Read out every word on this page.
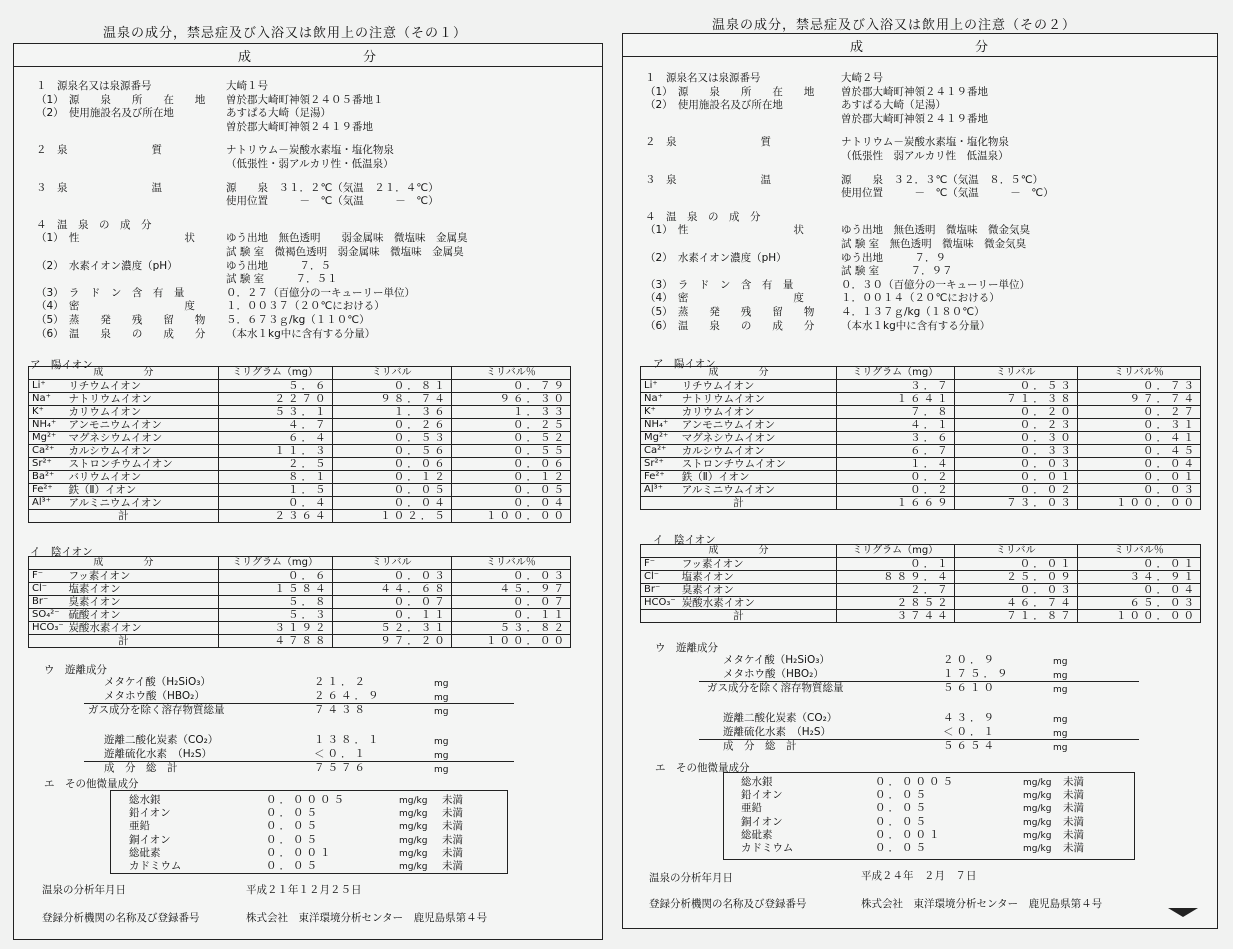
温泉の成分，禁忌症及び入浴又は飲用上の注意（その１）
成	分
１　源泉名又は泉源番号	大崎１号
（1）　源　　泉　　所　　在　　地 曽於郡大崎町神領２４０５番地１
（2）　使用施設名及び所在地	あすぱる大崎（足湯）
曽於郡大崎町神領２４１９番地
２　泉　　　　　　　　質	ナトリウム－炭酸水素塩・塩化物泉
（低張性・弱アルカリ性・低温泉）
３　泉　　　　　　　　温	源　　泉　３１．２℃（気温　２１．４℃）
使用位置　　　－　℃（気温　　　－　℃）
４　温　泉　の　成　分
（1）　性　　　　　　　　　　状	ゆう出地　無色透明　　弱金属味　微塩味　金属臭
試 験 室　微褐色透明　弱金属味　微塩味　金属臭
（2）　水素イオン濃度（pH）	ゆう出地　　　７．５
試 験 室　　　７．５１
（3）　ラ　ド　ン　含　有　量	０．２７（百億分の一キューリー単位）
（4）　密　　　　　　　　　　度	１．００３７（２０℃における）
（5）　蒸　　発　　残　　留　　物 ５．６７３ｇ/kg（１１０℃）
（6）　温　　泉　　の　　成　　分 （本水１kg中に含有する分量）
ア　陽イオン
成　　　　分		ミリグラム（mg）	ミリバル	ミリバル％
Li⁺	リチウムイオン	５．６	０．８１	０．７９
Na⁺	ナトリウムイオン	２２７０	９８．７４	９６．３０
K⁺	カリウムイオン	５３．１	１．３６	１．３３
NH₄⁺	アンモニウムイオン	４．７	０．２６	０．２５
Mg²⁺	マグネシウムイオン	６．４	０．５３	０．５２
Ca²⁺	カルシウムイオン	１１．３	０．５６	０．５５
Sr²⁺	ストロンチウムイオン	２．５	０．０６	０．０６
Ba²⁺	バリウムイオン	８．１	０．１２	０．１２
Fe²⁺	鉄（Ⅱ）イオン	１．５	０．０５	０．０５
Al³⁺	アルミニウムイオン	０．４	０．０４	０．０４
計		２３６４	１０２．５	１００．００
イ　陰イオン
成　　　　分		ミリグラム（mg）	ミリバル	ミリバル％
F⁻	フッ素イオン	０．６	０．０３	０．０３
Cl⁻	塩素イオン	１５８４	４４．６８	４５．９７
Br⁻	臭素イオン	５．８	０．０７	０．０７
SO₄²⁻	硫酸イオン	５．３	０．１１	０．１１
HCO₃⁻	炭酸水素イオン	３１９２	５２．３１	５３．８２
計		４７８８	９７．２０	１００．００
ウ　遊離成分
メタケイ酸（H₂SiO₃）	２１．２	mg
メタホウ酸（HBO₂）	２６４．９	mg
ガス成分を除く溶存物質総量	７４３８	mg
遊離二酸化炭素（CO₂）	１３８．１	mg
遊離硫化水素　（H₂S）	＜０．１	mg
成　分　総　計	７５７６	mg
エ　その他微量成分
総水銀	０．０００５	mg/kg 未満
鉛イオン	０．０５	mg/kg 未満
亜鉛	０．０５	mg/kg 未満
銅イオン	０．０５	mg/kg 未満
総砒素	０．００１	mg/kg 未満
カドミウム	０．０５	mg/kg 未満
温泉の分析年月日	平成２１年１２月２５日
登録分析機関の名称及び登録番号	株式会社　東洋環境分析センター　鹿児島県第４号
温泉の成分，禁忌症及び入浴又は飲用上の注意（その２）
成	分
１　源泉名又は泉源番号	大崎２号
（1）　源　　泉　　所　　在　　地	曽於郡大崎町神領２４１９番地
（2）　使用施設名及び所在地	あすぱる大崎（足湯）
曽於郡大崎町神領２４１９番地
２　泉　　　　　　　　質	ナトリウム－炭酸水素塩・塩化物泉
（低張性　弱アルカリ性　低温泉）
３　泉　　　　　　　　温	源　　泉　３２．３℃（気温　８．５℃）
使用位置　　　－　℃（気温　　　－　℃）
４　温　泉　の　成　分
（1）　性　　　　　　　　　　状	ゆう出地　無色透明　微塩味　微金気臭
試 験 室　無色透明　微塩味　微金気臭
（2）　水素イオン濃度（pH）	ゆう出地　　　７．９
試 験 室　　　７．９７
（3）　ラ　ド　ン　含　有　量	０．３０（百億分の一キューリー単位）
（4）　密　　　　　　　　　　度	１．００１４（２０℃における）
（5）　蒸　　発　　残　　留　　物	４．１３７ｇ/kg（１８０℃）
（6）　温　　泉　　の　　成　　分	（本水１kg中に含有する分量）
ア　陽イオン
成　　　　分		ミリグラム（mg）	ミリバル	ミリバル％
Li⁺	リチウムイオン	３．７	０．５３	０．７３
Na⁺	ナトリウムイオン	１６４１	７１．３８	９７．７４
K⁺	カリウムイオン	７．８	０．２０	０．２７
NH₄⁺	アンモニウムイオン	４．１	０．２３	０．３１
Mg²⁺	マグネシウムイオン	３．６	０．３０	０．４１
Ca²⁺	カルシウムイオン	６．７	０．３３	０．４５
Sr²⁺	ストロンチウムイオン	１．４	０．０３	０．０４
Fe²⁺	鉄（Ⅱ）イオン	０．２	０．０１	０．０１
Al³⁺	アルミニウムイオン	０．２	０．０２	０．０３
計		１６６９	７３．０３	１００．００
イ　陰イオン
成　　　　分		ミリグラム（mg）	ミリバル	ミリバル％
F⁻	フッ素イオン	０．１	０．０１	０．０１
Cl⁻	塩素イオン	８８９．４	２５．０９	３４．９１
Br⁻	臭素イオン	２．７	０．０３	０．０４
HCO₃⁻	炭酸水素イオン	２８５２	４６．７４	６５．０３
計		３７４４	７１．８７	１００．００
ウ　遊離成分
メタケイ酸（H₂SiO₃）	２０．９	mg
メタホウ酸（HBO₂）	１７５．９	mg
ガス成分を除く溶存物質総量	５６１０	mg
遊離二酸化炭素（CO₂）	４３．９	mg
遊離硫化水素　（H₂S）	＜０．１	mg
成　分　総　計	５６５４	mg
エ　その他微量成分
総水銀	０．０００５	mg/kg 未満
鉛イオン	０．０５	mg/kg 未満
亜鉛	０．０５	mg/kg 未満
銅イオン	０．０５	mg/kg 未満
総砒素	０．００１	mg/kg 未満
カドミウム	０．０５	mg/kg 未満
温泉の分析年月日	平成２４年　２月　７日
登録分析機関の名称及び登録番号	株式会社　東洋環境分析センター　鹿児島県第４号
